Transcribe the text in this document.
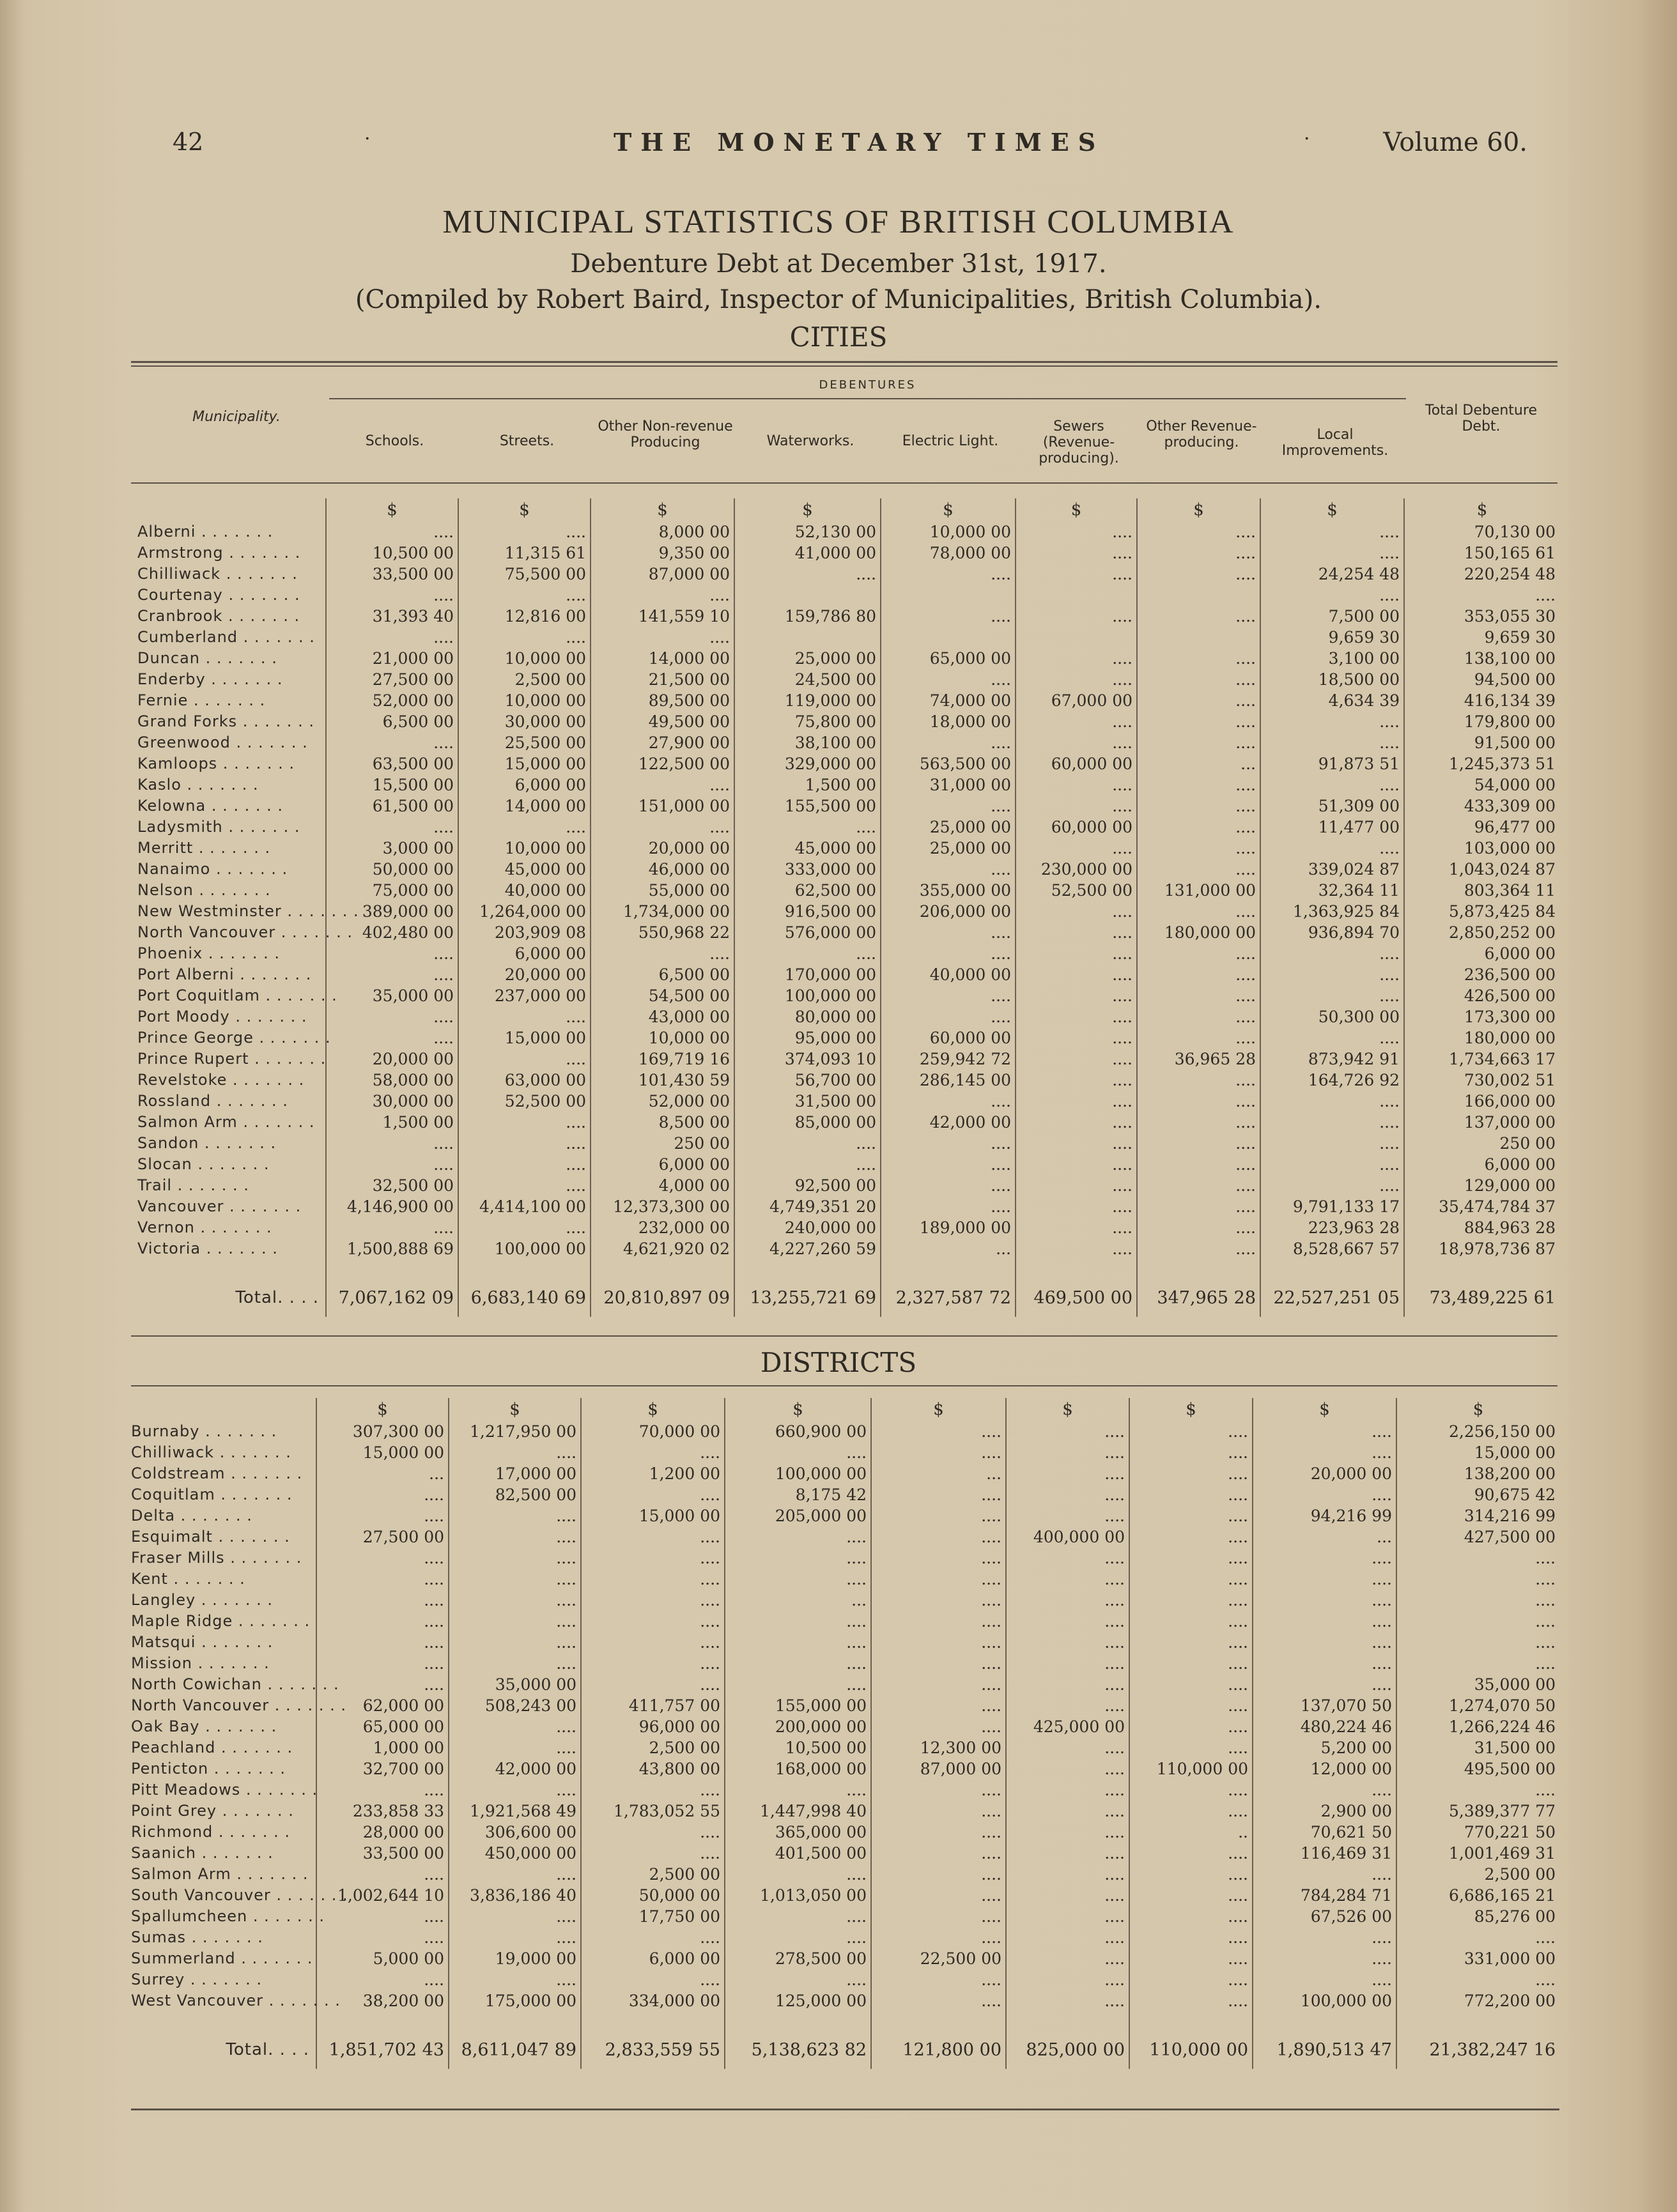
42	·	THE MONETARY TIMES	·	Volume 60.
MUNICIPAL STATISTICS OF BRITISH COLUMBIA
Debenture Debt at December 31st, 1917.
(Compiled by Robert Baird, Inspector of Municipalities, British Columbia).
CITIES
Municipality.
DEBENTURES
Schools.	Streets.
Other Non-revenue Producing	Waterworks.	Electric Light.
Sewers (Revenue-producing).
Other Revenue-producing.	Local Improvements.
Total Debenture Debt.
	$	$	$	$	$	$	$	$	$
Alberni . . . . . . .	....	....	8,000 00	52,130 00	10,000 00	....	....	....	70,130 00
Armstrong . . . . . . .	10,500 00	11,315 61	9,350 00	41,000 00	78,000 00	....	....	....	150,165 61
Chilliwack . . . . . . .	33,500 00	75,500 00	87,000 00	....	....	....	....	24,254 48	220,254 48
Courtenay . . . . . . .	....	....	....					....	....
Cranbrook . . . . . . .	31,393 40	12,816 00	141,559 10	159,786 80	....	....	....	7,500 00	353,055 30
Cumberland . . . . . . .	....	....	....					9,659 30	9,659 30
Duncan . . . . . . .	21,000 00	10,000 00	14,000 00	25,000 00	65,000 00	....	....	3,100 00	138,100 00
Enderby . . . . . . .	27,500 00	2,500 00	21,500 00	24,500 00	....	....	....	18,500 00	94,500 00
Fernie . . . . . . .	52,000 00	10,000 00	89,500 00	119,000 00	74,000 00	67,000 00	....	4,634 39	416,134 39
Grand Forks . . . . . . .	6,500 00	30,000 00	49,500 00	75,800 00	18,000 00	....	....	....	179,800 00
Greenwood . . . . . . .	....	25,500 00	27,900 00	38,100 00	....	....	....	....	91,500 00
Kamloops . . . . . . .	63,500 00	15,000 00	122,500 00	329,000 00	563,500 00	60,000 00	...	91,873 51	1,245,373 51
Kaslo . . . . . . .	15,500 00	6,000 00	....	1,500 00	31,000 00	....	....	....	54,000 00
Kelowna . . . . . . .	61,500 00	14,000 00	151,000 00	155,500 00	....	....	....	51,309 00	433,309 00
Ladysmith . . . . . . .	....	....	....	....	25,000 00	60,000 00	....	11,477 00	96,477 00
Merritt . . . . . . .	3,000 00	10,000 00	20,000 00	45,000 00	25,000 00	....	....	....	103,000 00
Nanaimo . . . . . . .	50,000 00	45,000 00	46,000 00	333,000 00	....	230,000 00	....	339,024 87	1,043,024 87
Nelson . . . . . . .	75,000 00	40,000 00	55,000 00	62,500 00	355,000 00	52,500 00	131,000 00	32,364 11	803,364 11
New Westminster . . . . . . .	389,000 00	1,264,000 00	1,734,000 00	916,500 00	206,000 00	....	....	1,363,925 84	5,873,425 84
North Vancouver . . . . . . .	402,480 00	203,909 08	550,968 22	576,000 00	....	....	180,000 00	936,894 70	2,850,252 00
Phoenix . . . . . . .	....	6,000 00	....	....	....	....	....	....	6,000 00
Port Alberni . . . . . . .	....	20,000 00	6,500 00	170,000 00	40,000 00	....	....	....	236,500 00
Port Coquitlam . . . . . . .	35,000 00	237,000 00	54,500 00	100,000 00	....	....	....	....	426,500 00
Port Moody . . . . . . .	....	....	43,000 00	80,000 00	....	....	....	50,300 00	173,300 00
Prince George . . . . . . .	....	15,000 00	10,000 00	95,000 00	60,000 00	....	....	....	180,000 00
Prince Rupert . . . . . . .	20,000 00	....	169,719 16	374,093 10	259,942 72	....	36,965 28	873,942 91	1,734,663 17
Revelstoke . . . . . . .	58,000 00	63,000 00	101,430 59	56,700 00	286,145 00	....	....	164,726 92	730,002 51
Rossland . . . . . . .	30,000 00	52,500 00	52,000 00	31,500 00	....	....	....	....	166,000 00
Salmon Arm . . . . . . .	1,500 00	....	8,500 00	85,000 00	42,000 00	....	....	....	137,000 00
Sandon . . . . . . .	....	....	250 00	....	....	....	....	....	250 00
Slocan . . . . . . .	....	....	6,000 00	....	....	....	....	....	6,000 00
Trail . . . . . . .	32,500 00	....	4,000 00	92,500 00	....	....	....	....	129,000 00
Vancouver . . . . . . .	4,146,900 00	4,414,100 00	12,373,300 00	4,749,351 20	....	....	....	9,791,133 17	35,474,784 37
Vernon . . . . . . .	....	....	232,000 00	240,000 00	189,000 00	....	....	223,963 28	884,963 28
Victoria . . . . . . .	1,500,888 69	100,000 00	4,621,920 02	4,227,260 59	...	....	....	8,528,667 57	18,978,736 87

Total. . . .	7,067,162 09	6,683,140 69	20,810,897 09	13,255,721 69	2,327,587 72	469,500 00	347,965 28	22,527,251 05	73,489,225 61
DISTRICTS
	$	$	$	$	$	$	$	$	$
Burnaby . . . . . . .	307,300 00	1,217,950 00	70,000 00	660,900 00	....	....	....	....	2,256,150 00
Chilliwack . . . . . . .	15,000 00	....	....	....	....	....	....	....	15,000 00
Coldstream . . . . . . .	...	17,000 00	1,200 00	100,000 00	...	....	....	20,000 00	138,200 00
Coquitlam . . . . . . .	....	82,500 00	....	8,175 42	....	....	....	....	90,675 42
Delta . . . . . . .	....	....	15,000 00	205,000 00	....	....	....	94,216 99	314,216 99
Esquimalt . . . . . . .	27,500 00	....	....	....	....	400,000 00	....	...	427,500 00
Fraser Mills . . . . . . .	....	....	....	....	....	....	....	....	....
Kent . . . . . . .	....	....	....	....	....	....	....	....	....
Langley . . . . . . .	....	....	....	...	....	....	....	....	....
Maple Ridge . . . . . . .	....	....	....	....	....	....	....	....	....
Matsqui . . . . . . .	....	....	....	....	....	....	....	....	....
Mission . . . . . . .	....	....	....	....	....	....	....	....	....
North Cowichan . . . . . . .	....	35,000 00	....	....	....	....	....	....	35,000 00
North Vancouver . . . . . . .	62,000 00	508,243 00	411,757 00	155,000 00	....	....	....	137,070 50	1,274,070 50
Oak Bay . . . . . . .	65,000 00	....	96,000 00	200,000 00	....	425,000 00	....	480,224 46	1,266,224 46
Peachland . . . . . . .	1,000 00	....	2,500 00	10,500 00	12,300 00	....	....	5,200 00	31,500 00
Penticton . . . . . . .	32,700 00	42,000 00	43,800 00	168,000 00	87,000 00	....	110,000 00	12,000 00	495,500 00
Pitt Meadows . . . . . . .	....	....	....	....	....	....	....	....	....
Point Grey . . . . . . .	233,858 33	1,921,568 49	1,783,052 55	1,447,998 40	....	....	....	2,900 00	5,389,377 77
Richmond . . . . . . .	28,000 00	306,600 00	....	365,000 00	....	....	..	70,621 50	770,221 50
Saanich . . . . . . .	33,500 00	450,000 00	....	401,500 00	....	....	....	116,469 31	1,001,469 31
Salmon Arm . . . . . . .	....	....	2,500 00	....	....	....	....	....	2,500 00
South Vancouver . . . . . . .	1,002,644 10	3,836,186 40	50,000 00	1,013,050 00	....	....	....	784,284 71	6,686,165 21
Spallumcheen . . . . . . .	....	....	17,750 00	....	....	....	....	67,526 00	85,276 00
Sumas . . . . . . .	....	....	....	....	....	....	....	....	....
Summerland . . . . . . .	5,000 00	19,000 00	6,000 00	278,500 00	22,500 00	....	....	....	331,000 00
Surrey . . . . . . .	....	....	....	....	....	....	....	....	....
West Vancouver . . . . . . .	38,200 00	175,000 00	334,000 00	125,000 00	....	....	....	100,000 00	772,200 00

Total. . . .	1,851,702 43	8,611,047 89	2,833,559 55	5,138,623 82	121,800 00	825,000 00	110,000 00	1,890,513 47	21,382,247 16
